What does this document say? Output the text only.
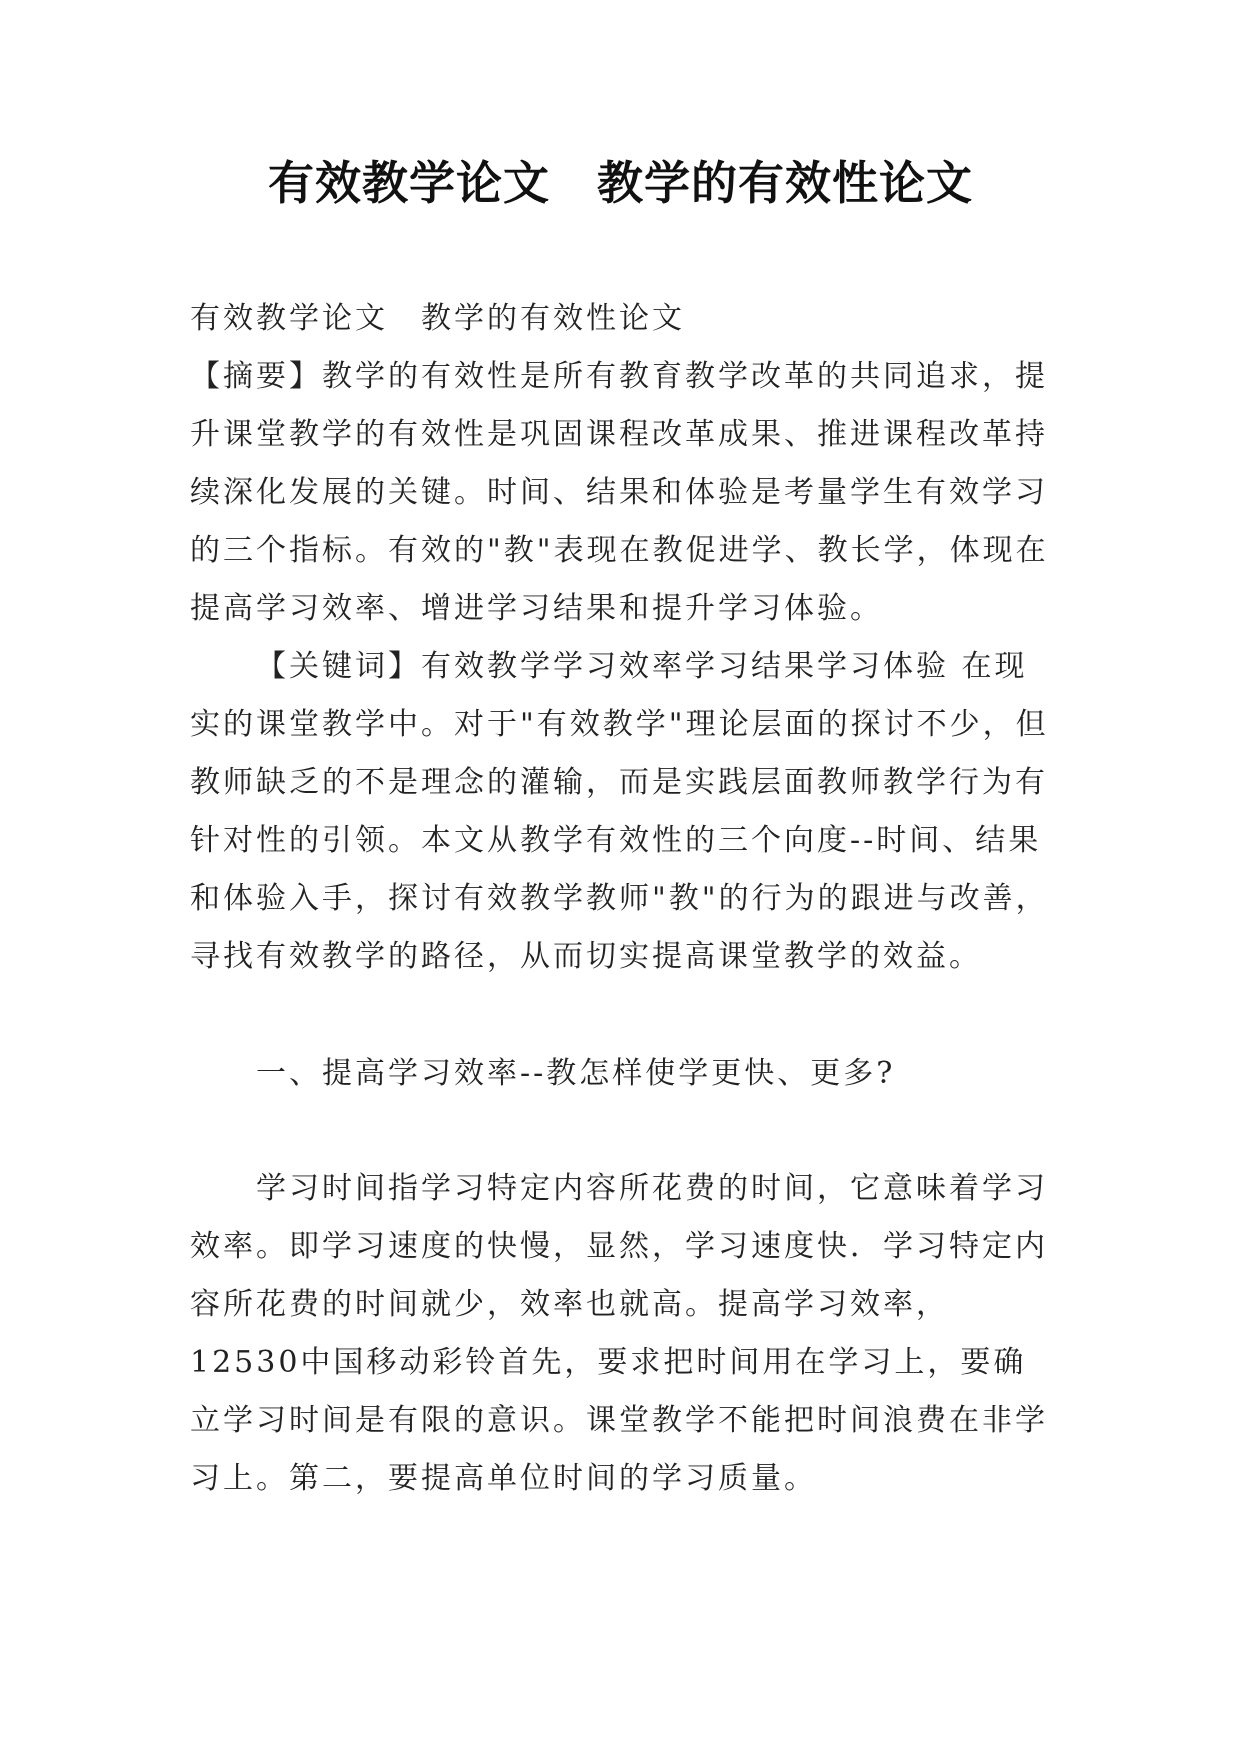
有效教学论文　教学的有效性论文

有效教学论文　教学的有效性论文

【摘要】教学的有效性是所有教育教学改革的共同追求，提升课堂教学的有效性是巩固课程改革成果、推进课程改革持续深化发展的关键。时间、结果和体验是考量学生有效学习的三个指标。有效的"教"表现在教促进学、教长学，体现在提高学习效率、增进学习结果和提升学习体验。

【关键词】有效教学学习效率学习结果学习体验 在现实的课堂教学中。对于"有效教学"理论层面的探讨不少，但教师缺乏的不是理念的灌输，而是实践层面教师教学行为有针对性的引领。本文从教学有效性的三个向度--时间、结果和体验入手，探讨有效教学教师"教"的行为的跟进与改善，寻找有效教学的路径，从而切实提高课堂教学的效益。

一、提高学习效率--教怎样使学更快、更多?

学习时间指学习特定内容所花费的时间，它意味着学习效率。即学习速度的快慢，显然，学习速度快．学习特定内容所花费的时间就少，效率也就高。提高学习效率，12530中国移动彩铃首先，要求把时间用在学习上，要确立学习时间是有限的意识。课堂教学不能把时间浪费在非学习上。第二，要提高单位时间的学习质量。
